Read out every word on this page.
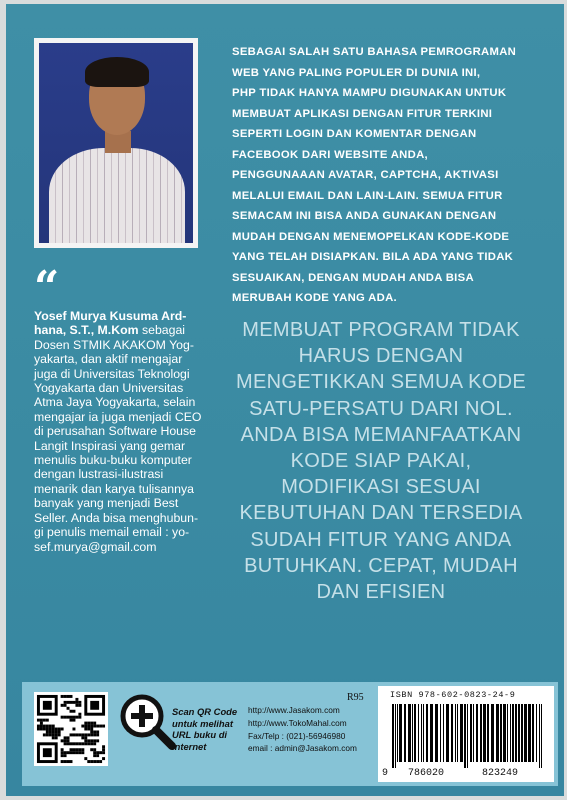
“
Yosef Murya Kusuma Ard-
hana, S.T., M.Kom sebagai
Dosen STMIK AKAKOM Yog-
yakarta, dan aktif mengajar
juga di Universitas Teknologi
Yogyakarta dan Universitas
Atma Jaya Yogyakarta, selain
mengajar ia juga menjadi CEO
di perusahan Software House
Langit Inspirasi yang gemar
menulis buku-buku komputer
dengan lustrasi-ilustrasi
menarik dan karya tulisannya
banyak yang menjadi Best
Seller. Anda bisa menghubun-
gi penulis memail email : yo-
sef.murya@gmail.com
SEBAGAI SALAH SATU BAHASA PEMROGRAMAN
WEB YANG PALING POPULER DI DUNIA INI,
PHP TIDAK HANYA MAMPU DIGUNAKAN UNTUK
MEMBUAT APLIKASI DENGAN FITUR TERKINI
SEPERTI LOGIN DAN KOMENTAR DENGAN
FACEBOOK DARI WEBSITE ANDA,
PENGGUNAAAN AVATAR, CAPTCHA, AKTIVASI
MELALUI EMAIL DAN LAIN-LAIN. SEMUA FITUR
SEMACAM INI BISA ANDA GUNAKAN DENGAN
MUDAH DENGAN MENEMOPELKAN KODE-KODE
YANG TELAH DISIAPKAN. BILA ADA YANG TIDAK
SESUAIKAN, DENGAN MUDAH ANDA BISA
MERUBAH KODE YANG ADA.
MEMBUAT PROGRAM TIDAK
HARUS DENGAN
MENGETIKKAN SEMUA KODE
SATU-PERSATU DARI NOL.
ANDA BISA MEMANFAATKAN
KODE SIAP PAKAI,
MODIFIKASI SESUAI
KEBUTUHAN DAN TERSEDIA
SUDAH FITUR YANG ANDA
BUTUHKAN. CEPAT, MUDAH
DAN EFISIEN
Scan QR Code
untuk melihat
URL buku di
internet
http://www.Jasakom.com
http://www.TokoMahal.com
Fax/Telp : (021)-56946980
email : admin@Jasakom.com
R95	ISBN 978-602-0823-24-9
9 786020	823249
